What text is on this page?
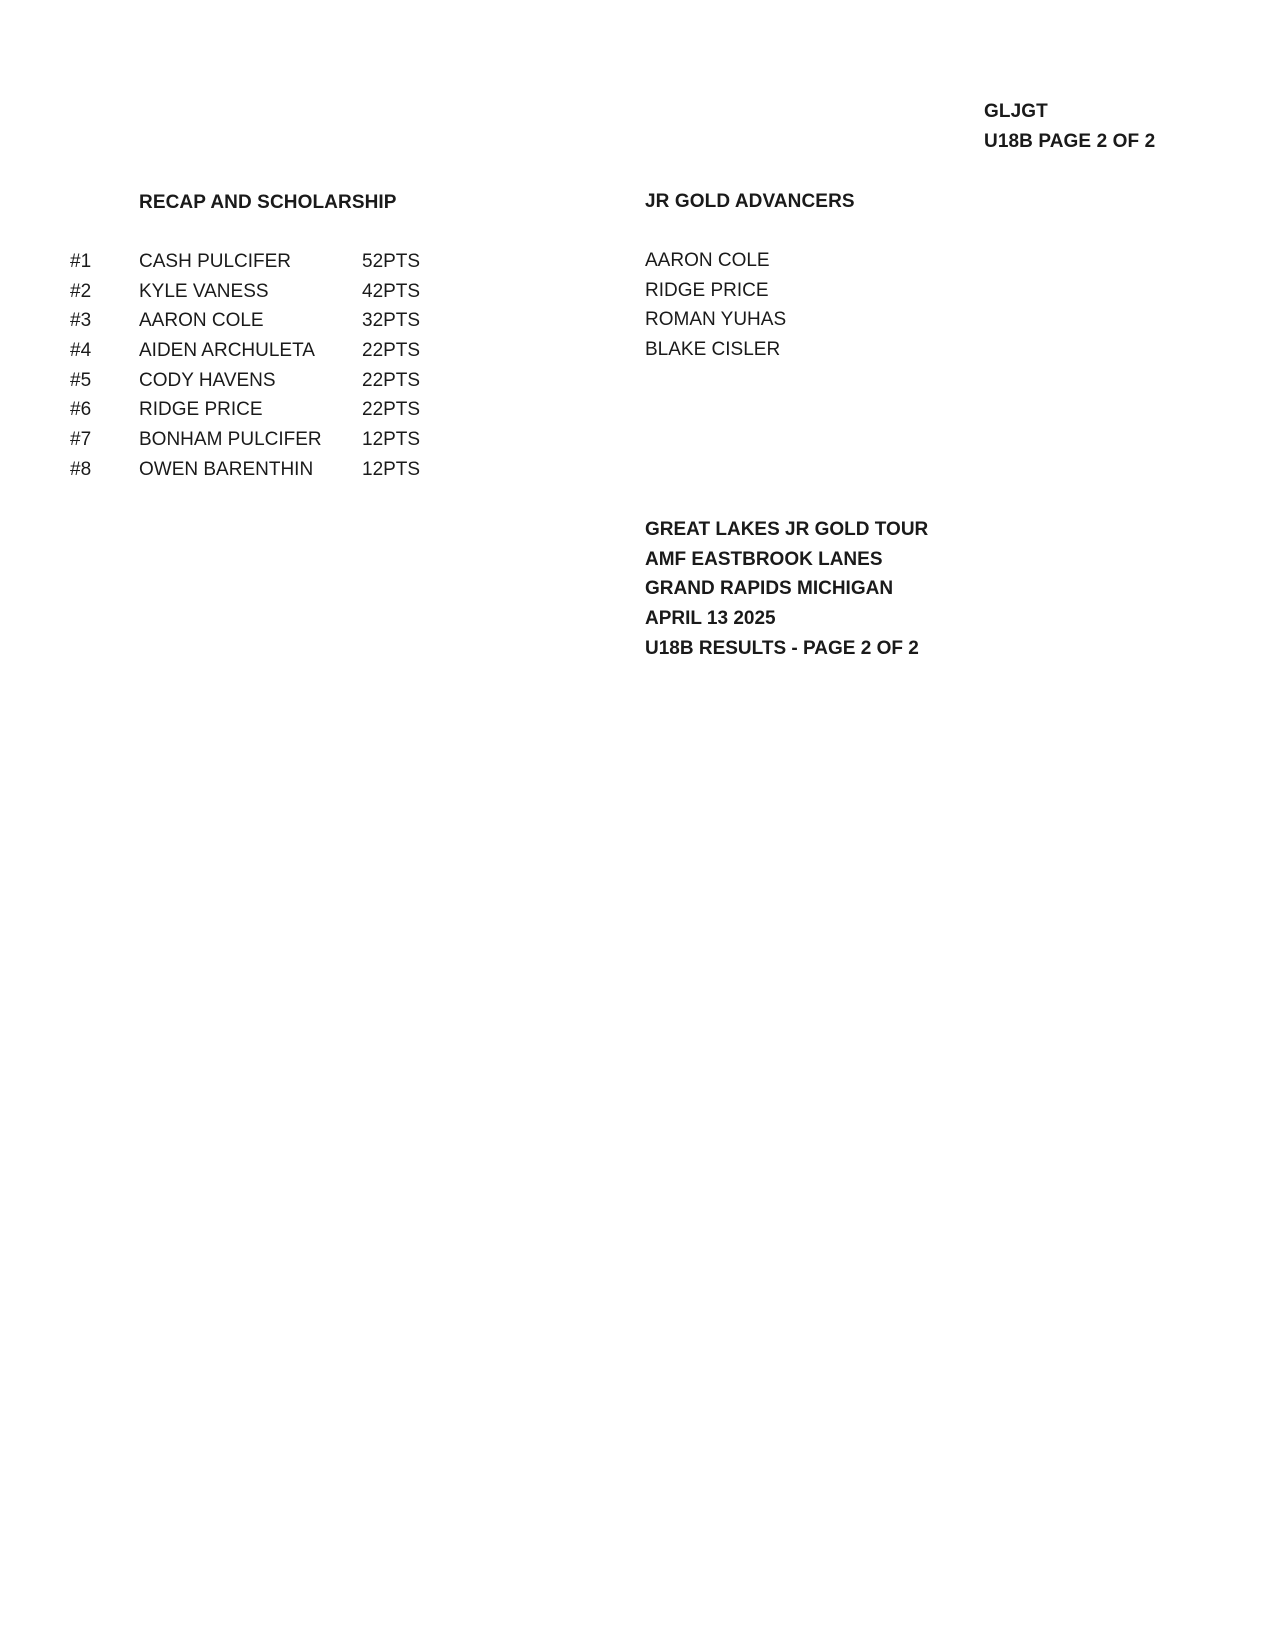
GLJGT
U18B PAGE 2 OF 2
RECAP AND SCHOLARSHIP	JR GOLD ADVANCERS
#1	CASH PULCIFER	52PTS
#2	KYLE VANESS	42PTS
#3	AARON COLE	32PTS
#4	AIDEN ARCHULETA 22PTS
#5	CODY HAVENS	22PTS
#6	RIDGE PRICE	22PTS
#7	BONHAM PULCIFER 12PTS
#8	OWEN BARENTHIN	12PTS
AARON COLE
RIDGE PRICE
ROMAN YUHAS
BLAKE CISLER
GREAT LAKES JR GOLD TOUR
AMF EASTBROOK LANES
GRAND RAPIDS MICHIGAN
APRIL 13 2025
U18B RESULTS - PAGE 2 OF 2
